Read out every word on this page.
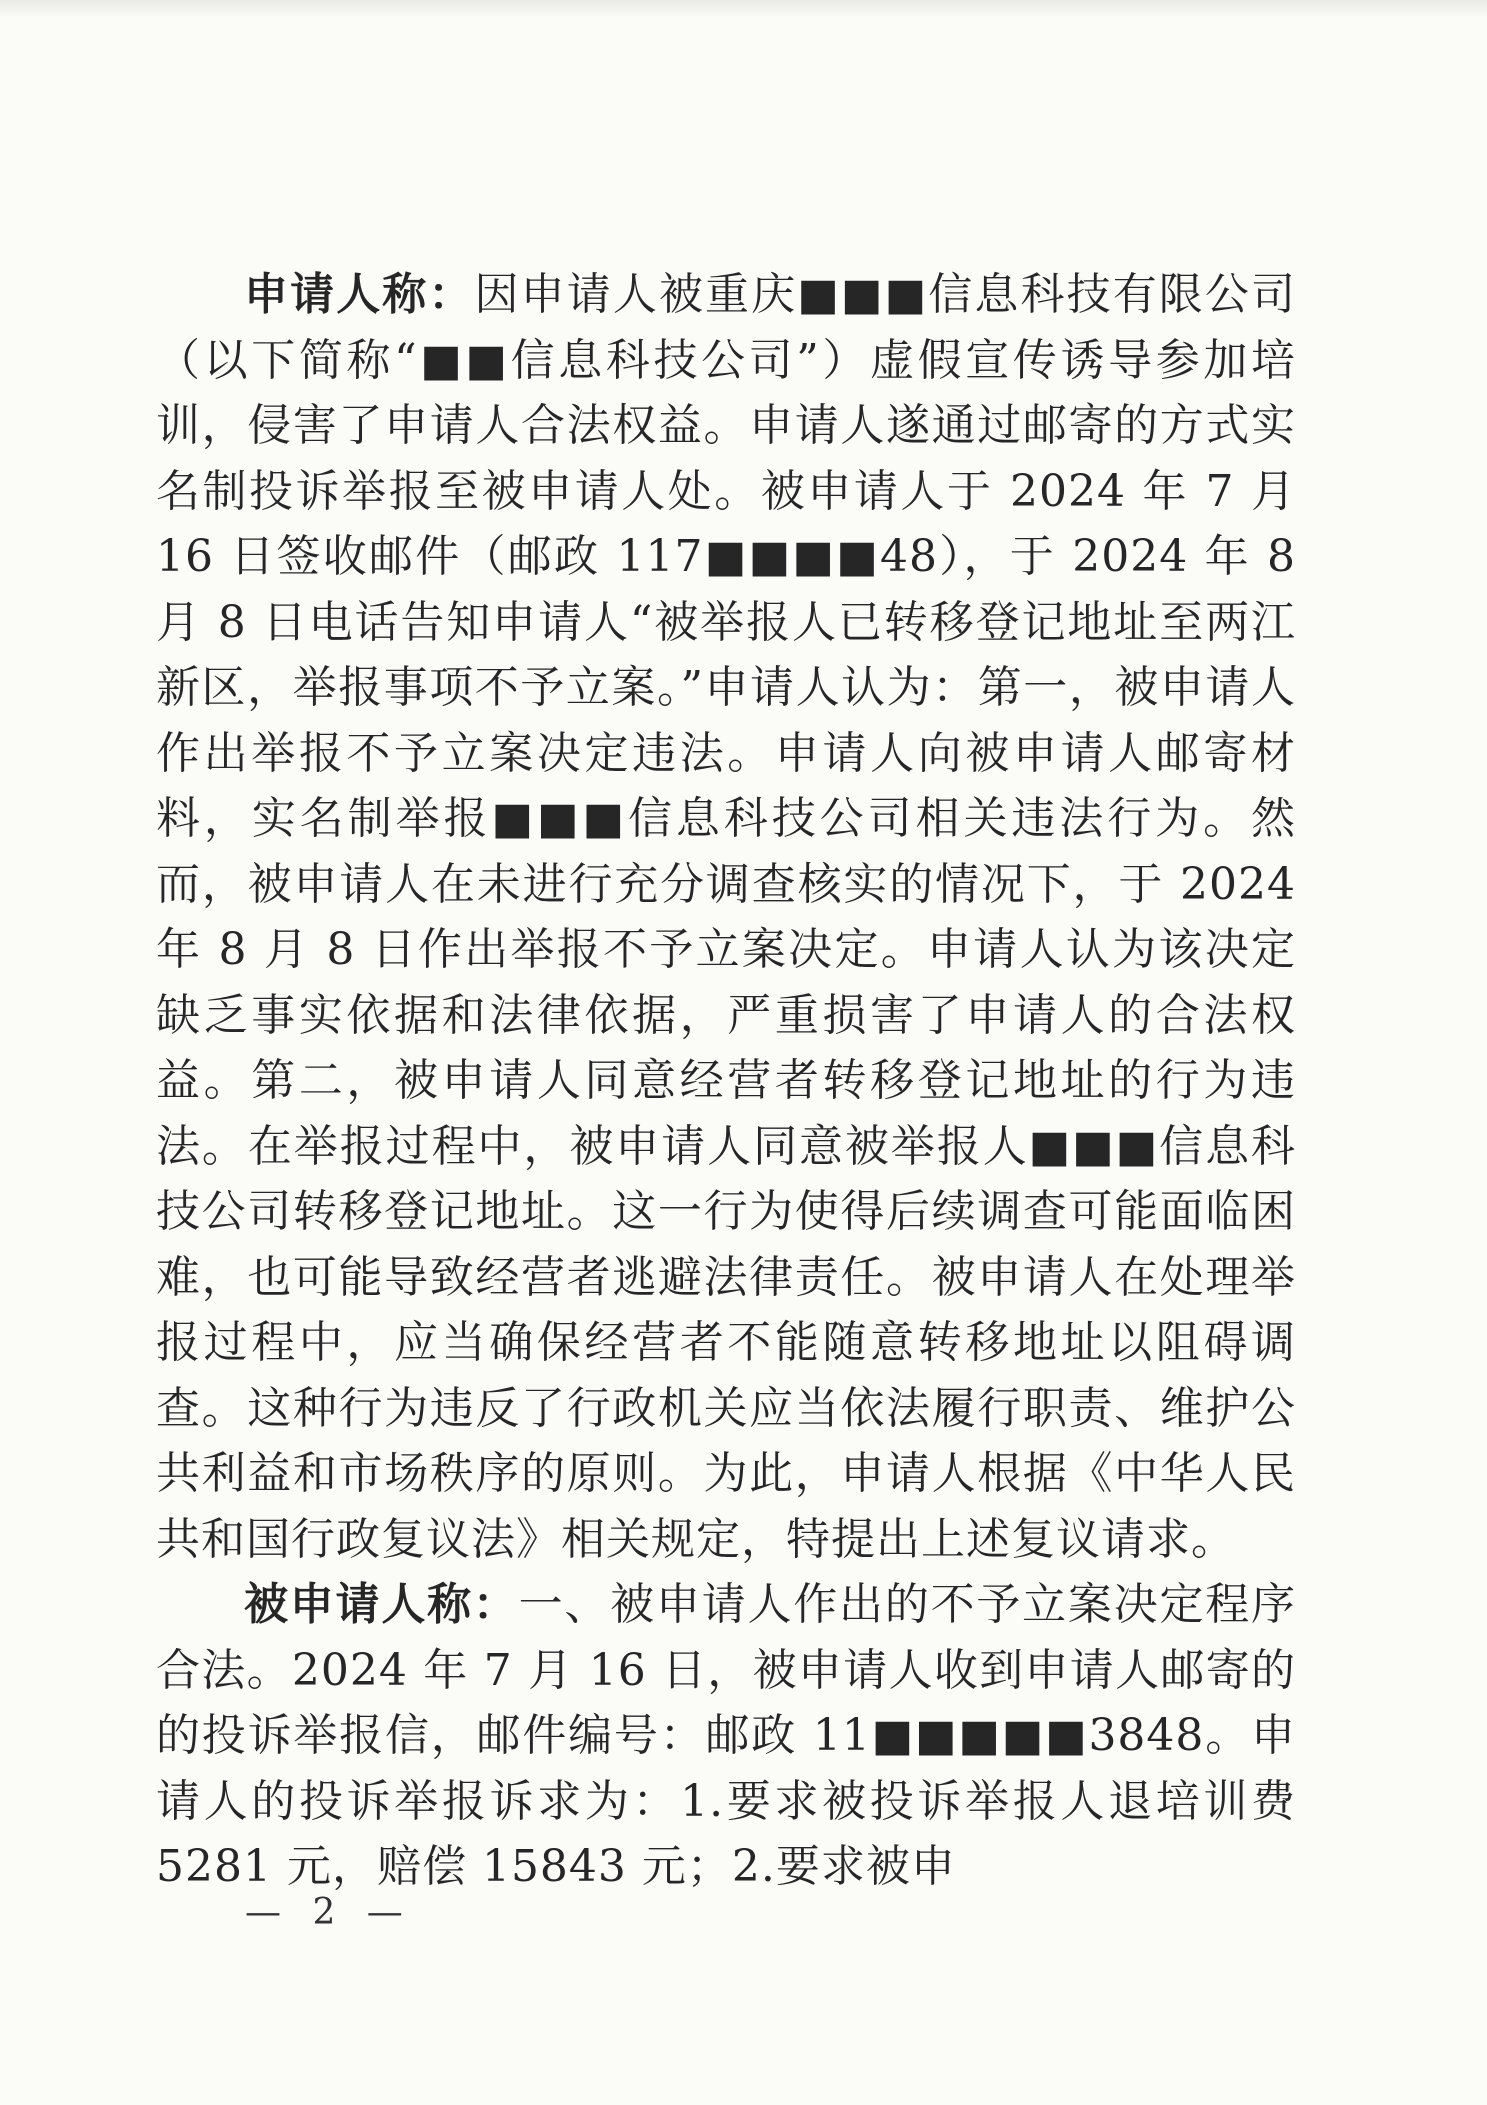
申请人称：因申请人被重庆■■■信息科技有限公司（以下简称“■■信息科技公司”）虚假宣传诱导参加培训，侵害了申请人合法权益。申请人遂通过邮寄的方式实名制投诉举报至被申请人处。被申请人于 2024 年 7 月 16 日签收邮件（邮政 117■■■■48），于 2024 年 8 月 8 日电话告知申请人“被举报人已转移登记地址至两江新区，举报事项不予立案。”申请人认为：第一，被申请人作出举报不予立案决定违法。申请人向被申请人邮寄材料，实名制举报■■■信息科技公司相关违法行为。然而，被申请人在未进行充分调查核实的情况下，于 2024 年 8 月 8 日作出举报不予立案决定。申请人认为该决定缺乏事实依据和法律依据，严重损害了申请人的合法权益。第二，被申请人同意经营者转移登记地址的行为违法。在举报过程中，被申请人同意被举报人■■■信息科技公司转移登记地址。这一行为使得后续调查可能面临困难，也可能导致经营者逃避法律责任。被申请人在处理举报过程中，应当确保经营者不能随意转移地址以阻碍调查。这种行为违反了行政机关应当依法履行职责、维护公共利益和市场秩序的原则。为此，申请人根据《中华人民共和国行政复议法》相关规定，特提出上述复议请求。

被申请人称：一、被申请人作出的不予立案决定程序合法。2024 年 7 月 16 日，被申请人收到申请人邮寄的的投诉举报信，邮件编号：邮政 11■■■■■3848。申请人的投诉举报诉求为：1.要求被投诉举报人退培训费 5281 元，赔偿 15843 元；2.要求被申

— 2 —
